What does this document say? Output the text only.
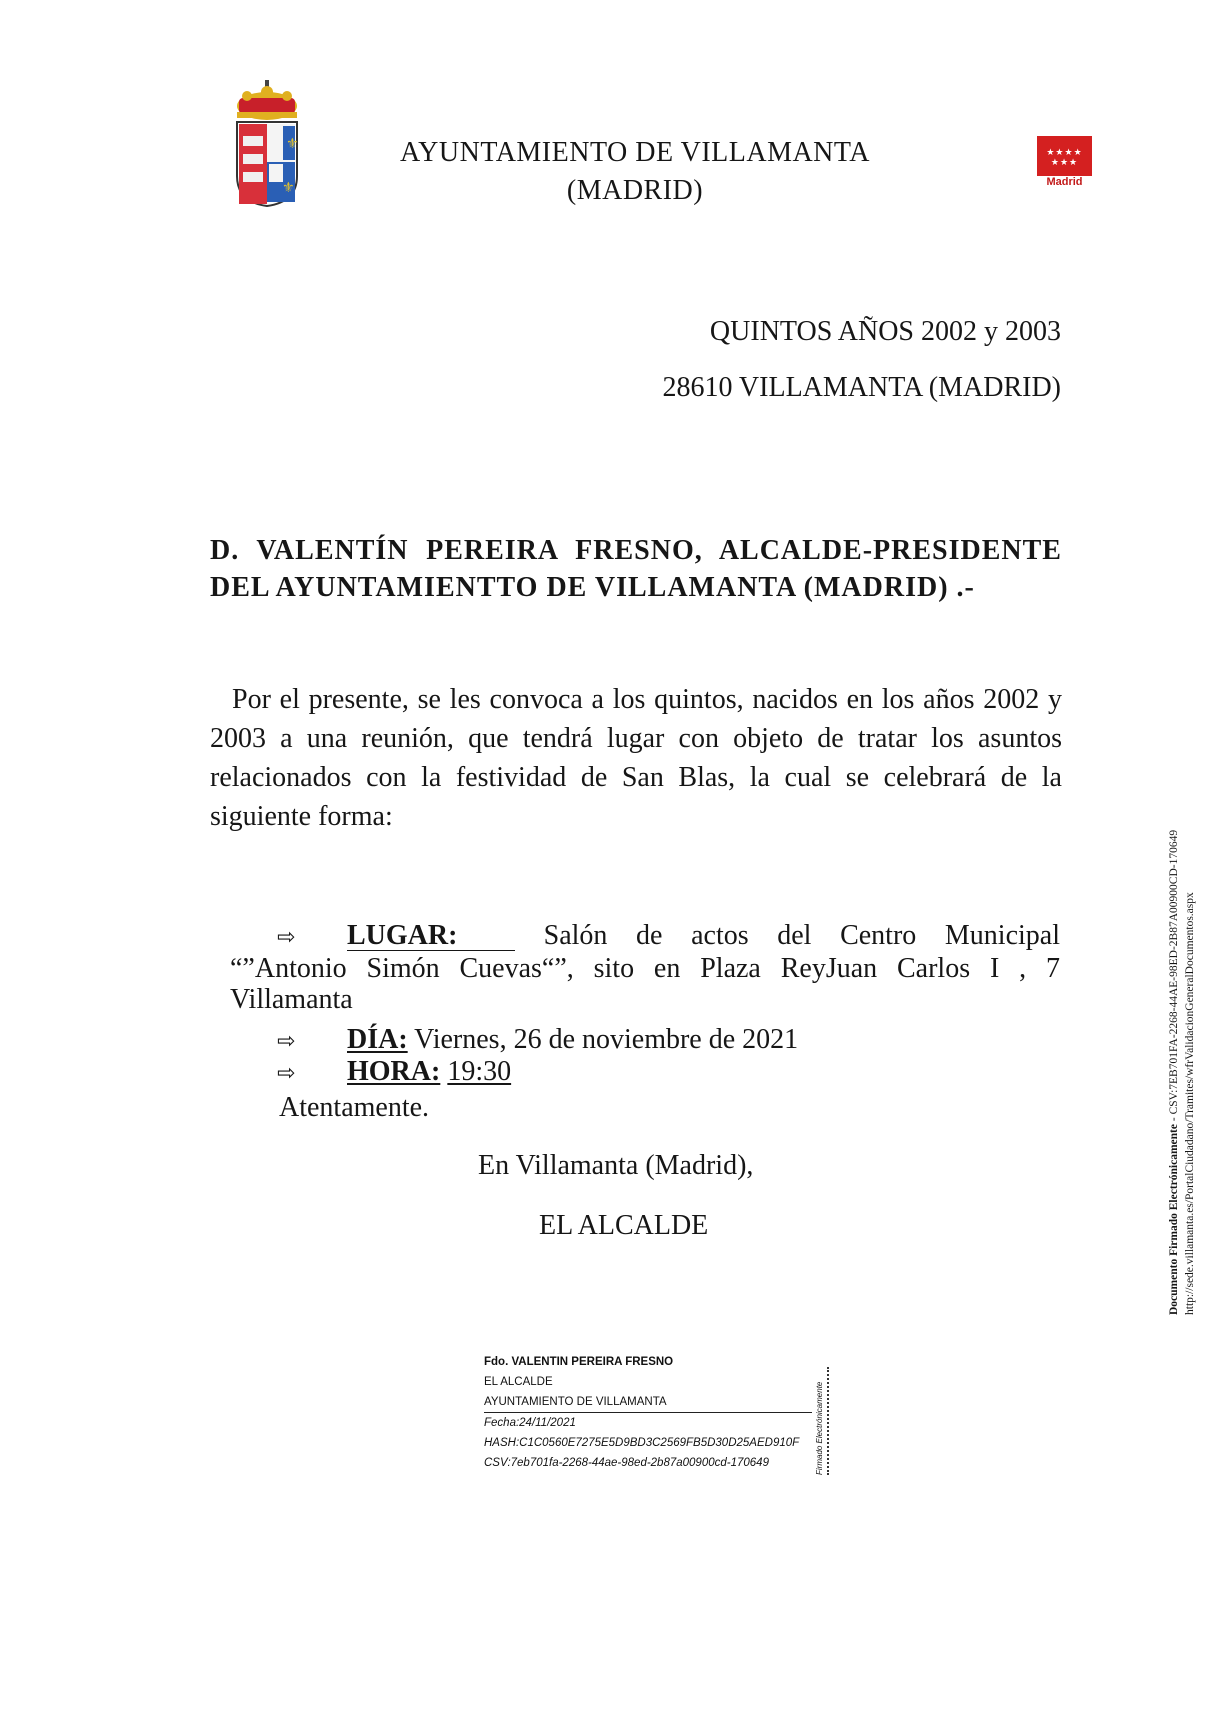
⚜
⚜
AYUNTAMIENTO DE VILLAMANTA
(MADRID)
★★★★
★★★
Madrid
QUINTOS AÑOS 2002 y 2003
28610 VILLAMANTA (MADRID)
D. VALENTÍN PEREIRA FRESNO, ALCALDE-PRESIDENTE
DEL AYUNTAMIENTTO DE VILLAMANTA (MADRID) .-
Por el presente, se les convoca a los quintos, nacidos en los años 2002 y 2003 a una reunión, que tendrá lugar con objeto de tratar los asuntos relacionados con la festividad de San Blas, la cual se celebrará de la siguiente forma:
⇨ LUGAR:	Salón de actos del Centro Municipal
“”Antonio Simón Cuevas“”, sito en Plaza ReyJuan Carlos I , 7
Villamanta
⇨ DÍA: Viernes, 26 de noviembre de 2021
⇨ HORA: 19:30
Atentamente.
En Villamanta (Madrid),
EL ALCALDE
Fdo. VALENTIN PEREIRA FRESNO
EL ALCALDE
AYUNTAMIENTO DE VILLAMANTA
Fecha:24/11/2021
HASH:C1C0560E7275E5D9BD3C2569FB5D30D25AED910F
CSV:7eb701fa-2268-44ae-98ed-2b87a00900cd-170649	Firmado Electrónicamente
Documento Firmado Electrónicamente - CSV:7EB701FA-2268-44AE-98ED-2B87A00900CD-170649 http://sede.villamanta.es/PortalCiudadano/Tramites/wfrValidacionGeneralDocumentos.aspx
